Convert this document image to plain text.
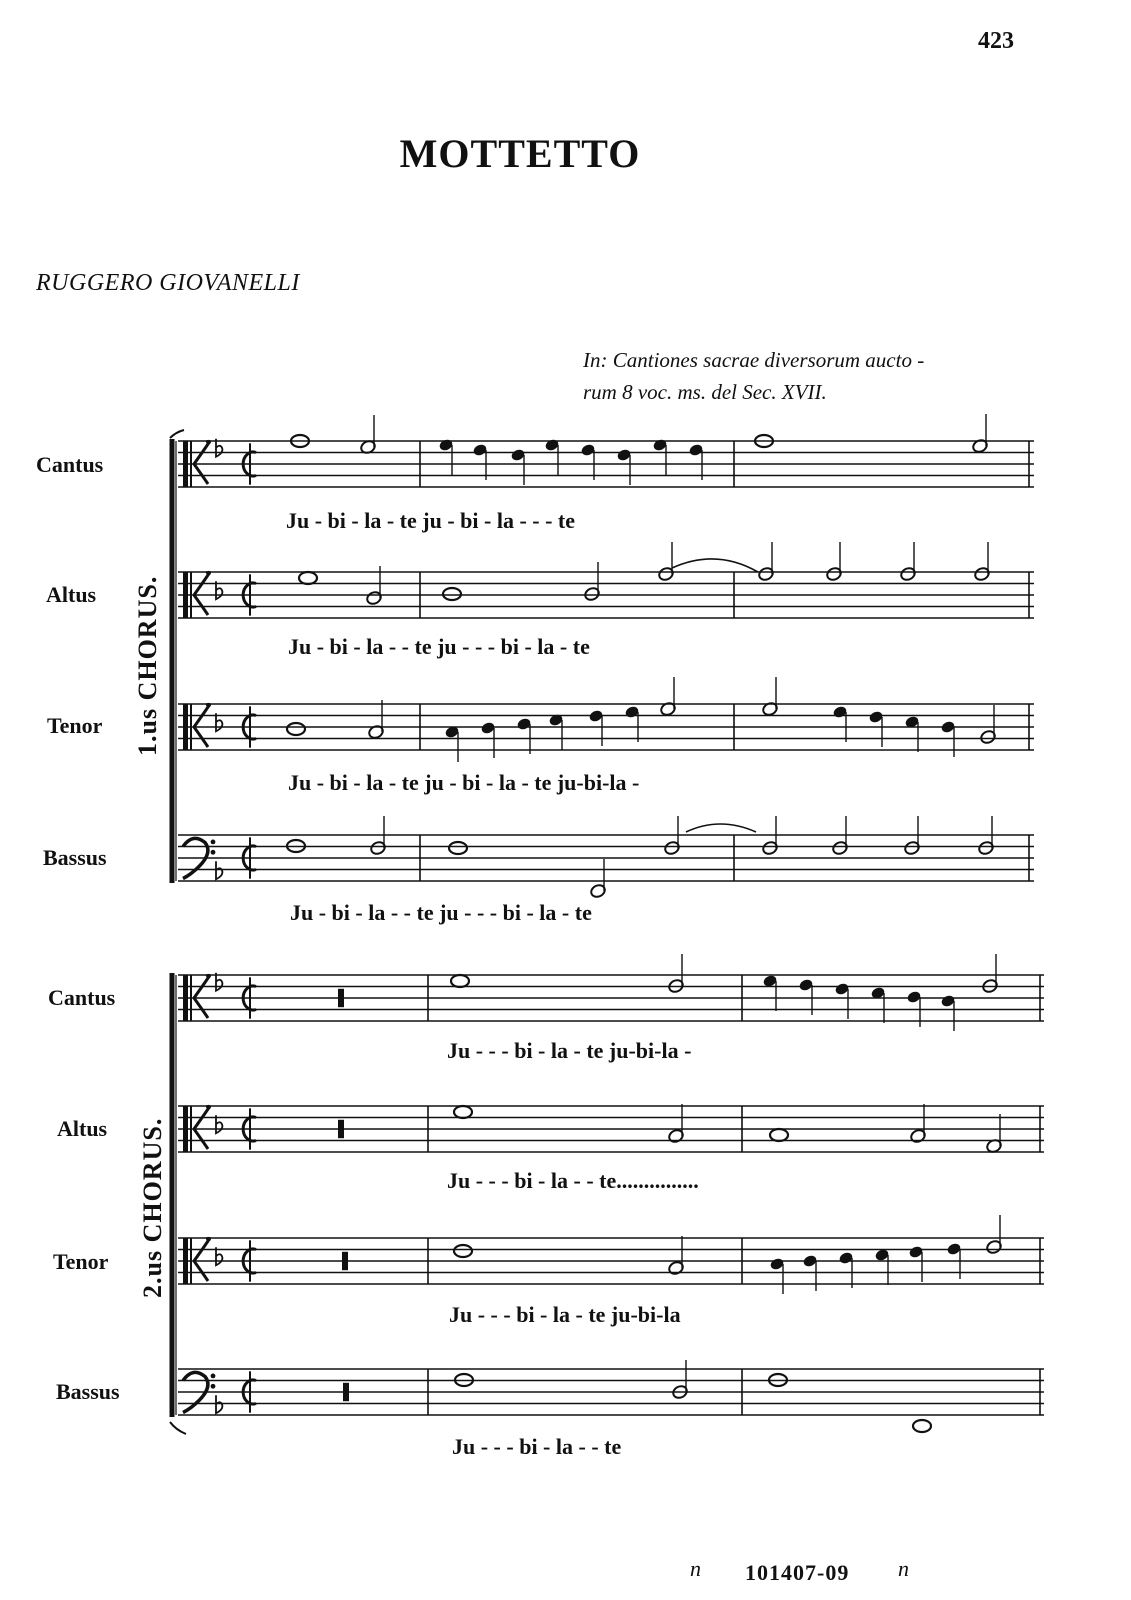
423
MOTTETTO
RUGGERO GIOVANELLI
In: Cantiones sacrae diversorum aucto -
rum 8 voc. ms. del Sec. XVII.
Cantus
Altus
Tenor
Bassus
Cantus
Altus
Tenor
Bassus
1.us CHORUS.
2.us CHORUS.
Ju - bi - la - te ju - bi - la - - - te
Ju - bi - la - - te ju - - - bi - la - te
Ju - bi - la - te ju - bi - la - te ju-bi-la -
Ju - bi - la - - te ju - - - bi - la - te
Ju - - - bi - la - te ju-bi-la -
Ju - - - bi - la - - te...............
Ju - - - bi - la - te ju-bi-la
Ju - - - bi - la - - te
n 101407-09 n
